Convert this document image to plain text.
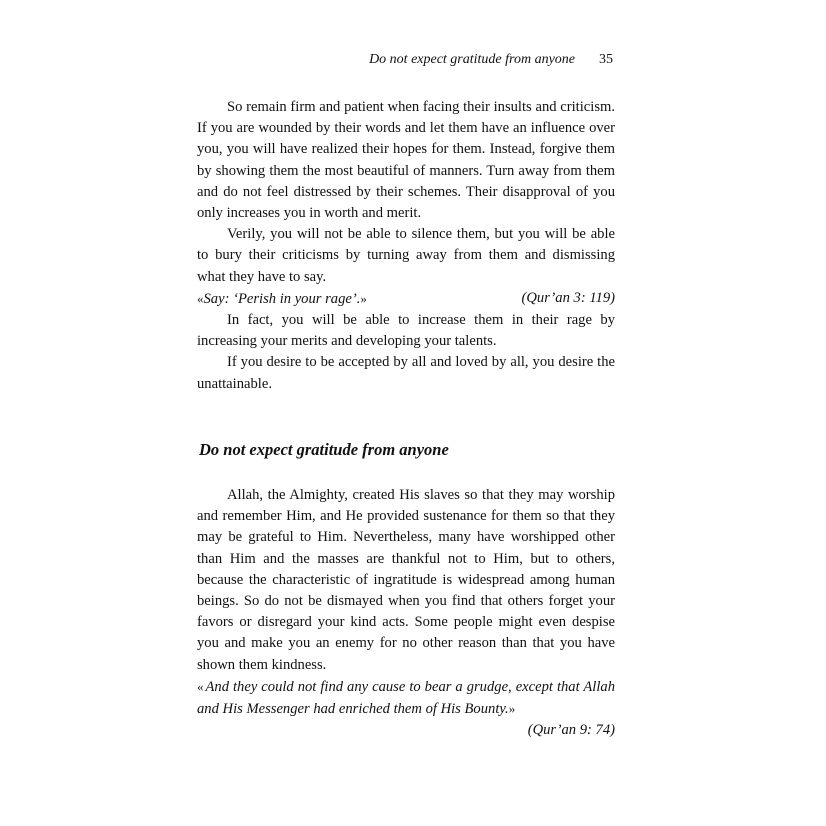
Do not expect gratitude from anyone 35

So remain firm and patient when facing their insults and criticism. If you are wounded by their words and let them have an influence over you, you will have realized their hopes for them. Instead, forgive them by showing them the most beautiful of manners. Turn away from them and do not feel distressed by their schemes. Their disapproval of you only increases you in worth and merit.

Verily, you will not be able to silence them, but you will be able to bury their criticisms by turning away from them and dismissing what they have to say.

«Say: ‘Perish in your rage’.»	(Qur’an 3: 119)

In fact, you will be able to increase them in their rage by increasing your merits and developing your talents.

If you desire to be accepted by all and loved by all, you desire the unattainable.

Do not expect gratitude from anyone

Allah, the Almighty, created His slaves so that they may worship and remember Him, and He provided sustenance for them so that they may be grateful to Him. Nevertheless, many have worshipped other than Him and the masses are thankful not to Him, but to others, because the characteristic of ingratitude is widespread among human beings. So do not be dismayed when you find that others forget your favors or disregard your kind acts. Some people might even despise you and make you an enemy for no other reason than that you have shown them kindness.

« And they could not find any cause to bear a grudge, except that Allah and His Messenger had enriched them of His Bounty.»
(Qur’an 9: 74)
